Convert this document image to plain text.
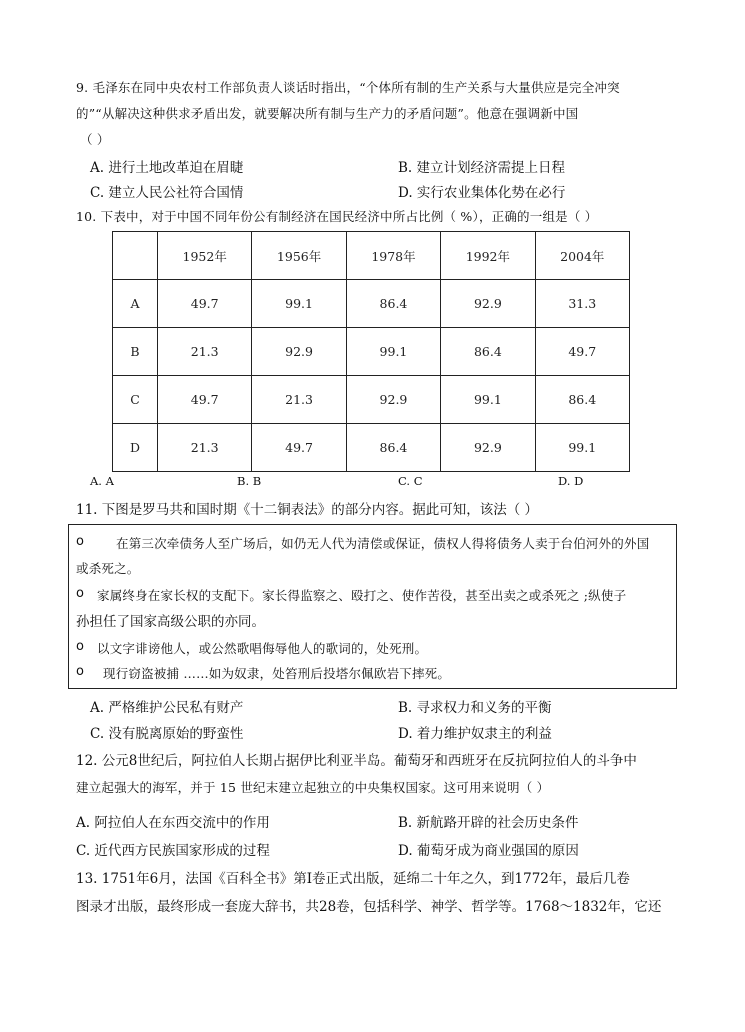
9. 毛泽东在同中央农村工作部负责人谈话时指出，“个体所有制的生产关系与大量供应是完全冲突
的”“从解决这种供求矛盾出发，就要解决所有制与生产力的矛盾问题”。他意在强调新中国
（ ）
A. 进行土地改革迫在眉睫	B. 建立计划经济需提上日程
C. 建立人民公社符合国情	D. 实行农业集体化势在必行
10. 下表中，对于中国不同年份公有制经济在国民经济中所占比例（ %），正确的一组是（ ）
	1952年	1956年	1978年	1992年	2004年
A	49.7	99.1	86.4	92.9	31.3
B	21.3	92.9	99.1	86.4	49.7
C	49.7	21.3	92.9	99.1	86.4
D	21.3	49.7	86.4	92.9	99.1
A. A	B. B	C. C	D. D
11. 下图是罗马共和国时期《十二铜表法》的部分内容。据此可知，该法（ ）
o	在第三次牵债务人至广场后，如仍无人代为清偿或保证，债权人得将债务人卖于台伯河外的外国
或杀死之。
o 家属终身在家长权的支配下。家长得监察之、殴打之、使作苦役，甚至出卖之或杀死之 ;纵使子
孙担任了国家高级公职的亦同。
o 以文字诽谤他人，或公然歌唱侮辱他人的歌词的，处死刑。
o 现行窃盗被捕 ……如为奴隶，处笞刑后投塔尔佩欧岩下摔死。
A. 严格维护公民私有财产	B. 寻求权力和义务的平衡
C. 没有脱离原始的野蛮性	D. 着力维护奴隶主的利益
12. 公元8世纪后，阿拉伯人长期占据伊比利亚半岛。葡萄牙和西班牙在反抗阿拉伯人的斗争中
建立起强大的海军，并于 15 世纪末建立起独立的中央集权国家。这可用来说明（ ）
A. 阿拉伯人在东西交流中的作用	B. 新航路开辟的社会历史条件
C. 近代西方民族国家形成的过程	D. 葡萄牙成为商业强国的原因
13. 1751年6月，法国《百科全书》第Ⅰ卷正式出版，延绵二十年之久，到1772年，最后几卷
图录才出版，最终形成一套庞大辞书，共28卷，包括科学、神学、哲学等。1768～1832年，它还
